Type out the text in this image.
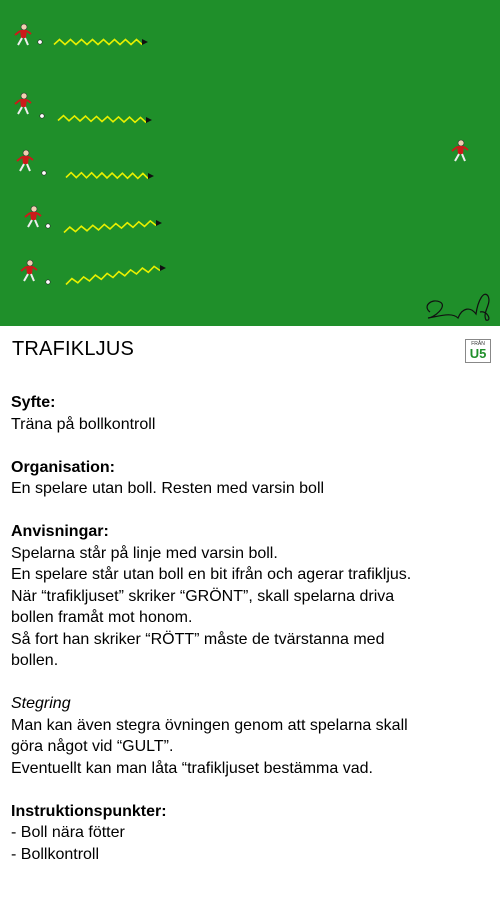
TRAFIKLJUS	FRÅN
U5

Syfte:

Träna på bollkontroll

Organisation:

En spelare utan boll. Resten med varsin boll

Anvisningar:

Spelarna står på linje med varsin boll.

En spelare står utan boll en bit ifrån och agerar trafikljus.

När “trafikljuset” skriker “GRÖNT”, skall spelarna driva

bollen framåt mot honom.

Så fort han skriker “RÖTT” måste de tvärstanna med

bollen.

Stegring

Man kan även stegra övningen genom att spelarna skall

göra något vid “GULT”.

Eventuellt kan man låta “trafikljuset bestämma vad.

Instruktionspunkter:

- Boll nära fötter

- Bollkontroll
